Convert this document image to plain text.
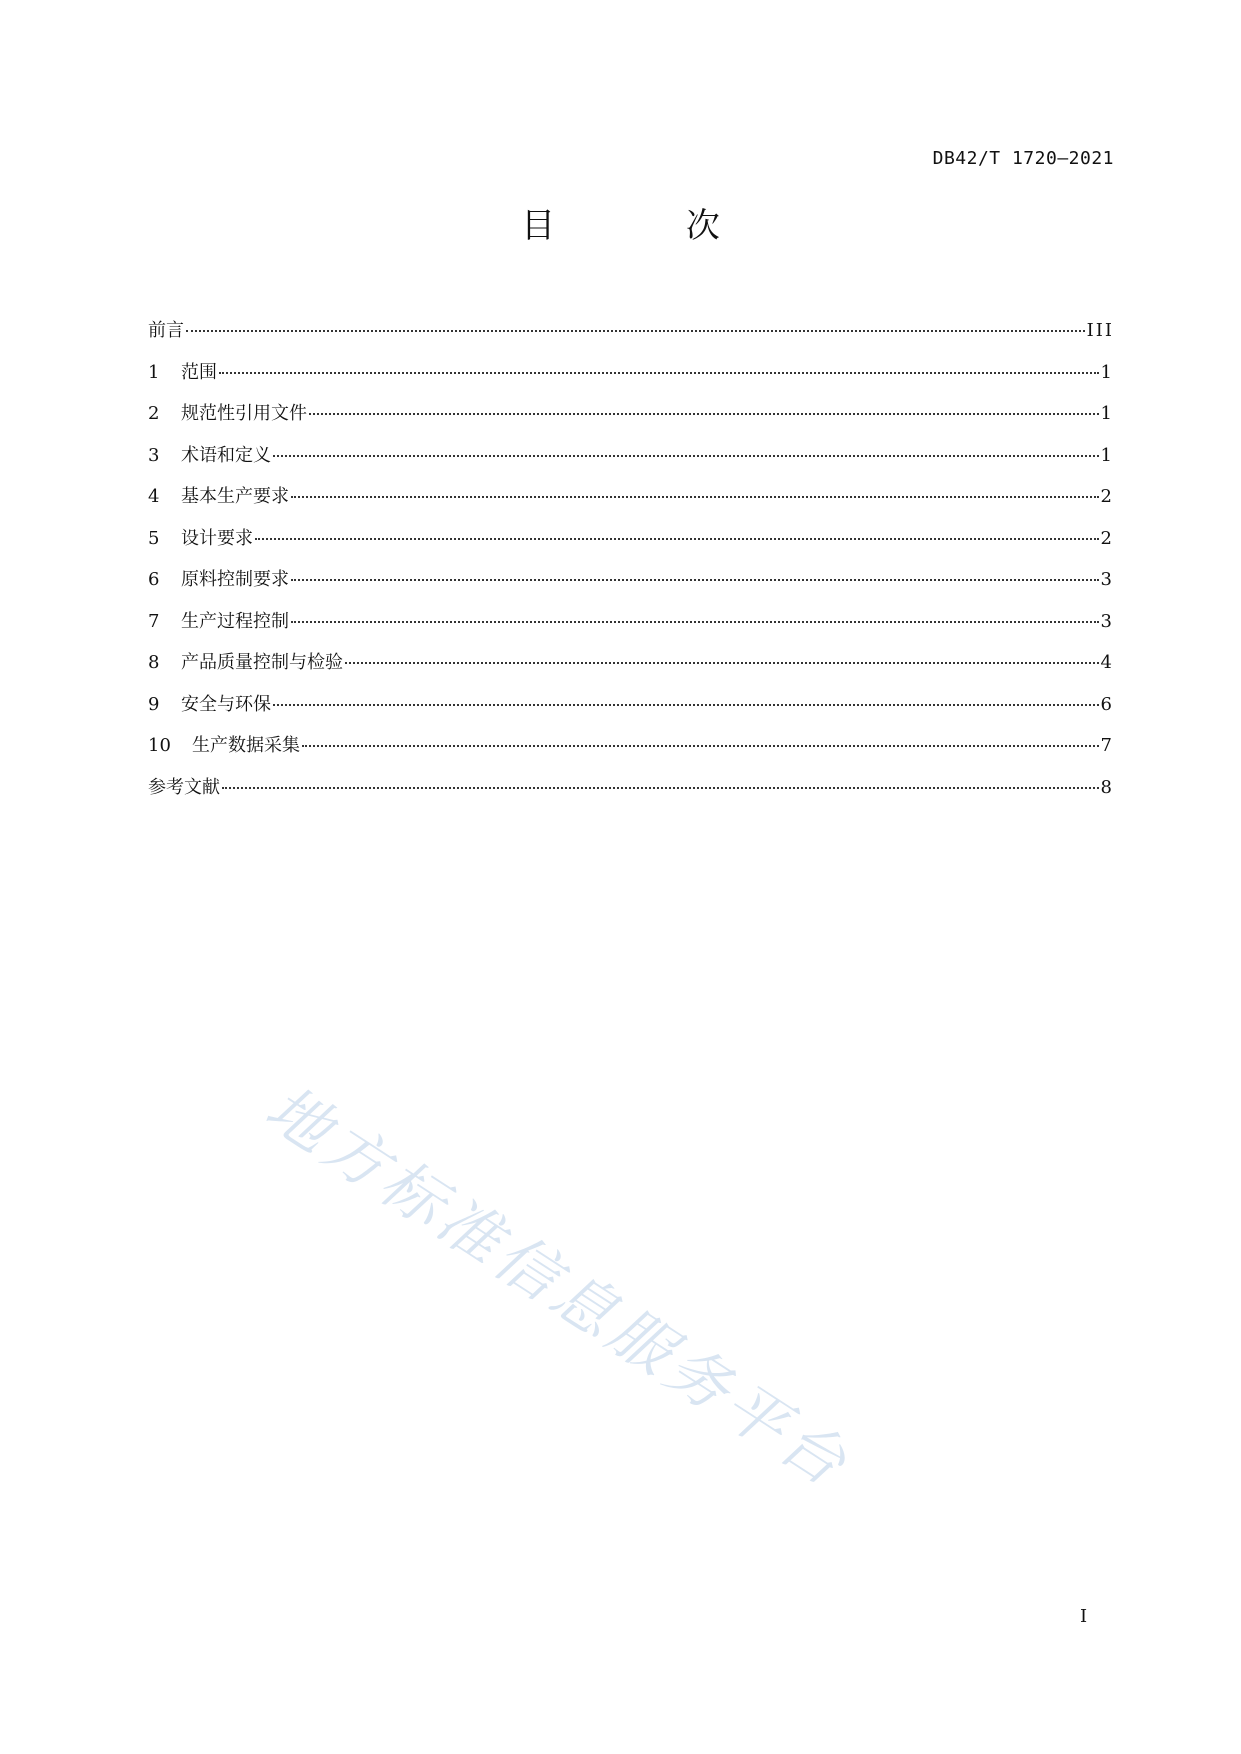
DB42/T 1720—2021
目 次
前言	III
1	范围	1
2	规范性引用文件	1
3	术语和定义	1
4	基本生产要求	2
5	设计要求	2
6	原料控制要求	3
7	生产过程控制	3
8	产品质量控制与检验	4
9	安全与环保	6
10	生产数据采集	7
参考文献	8
地方标准信息服务平台
I
